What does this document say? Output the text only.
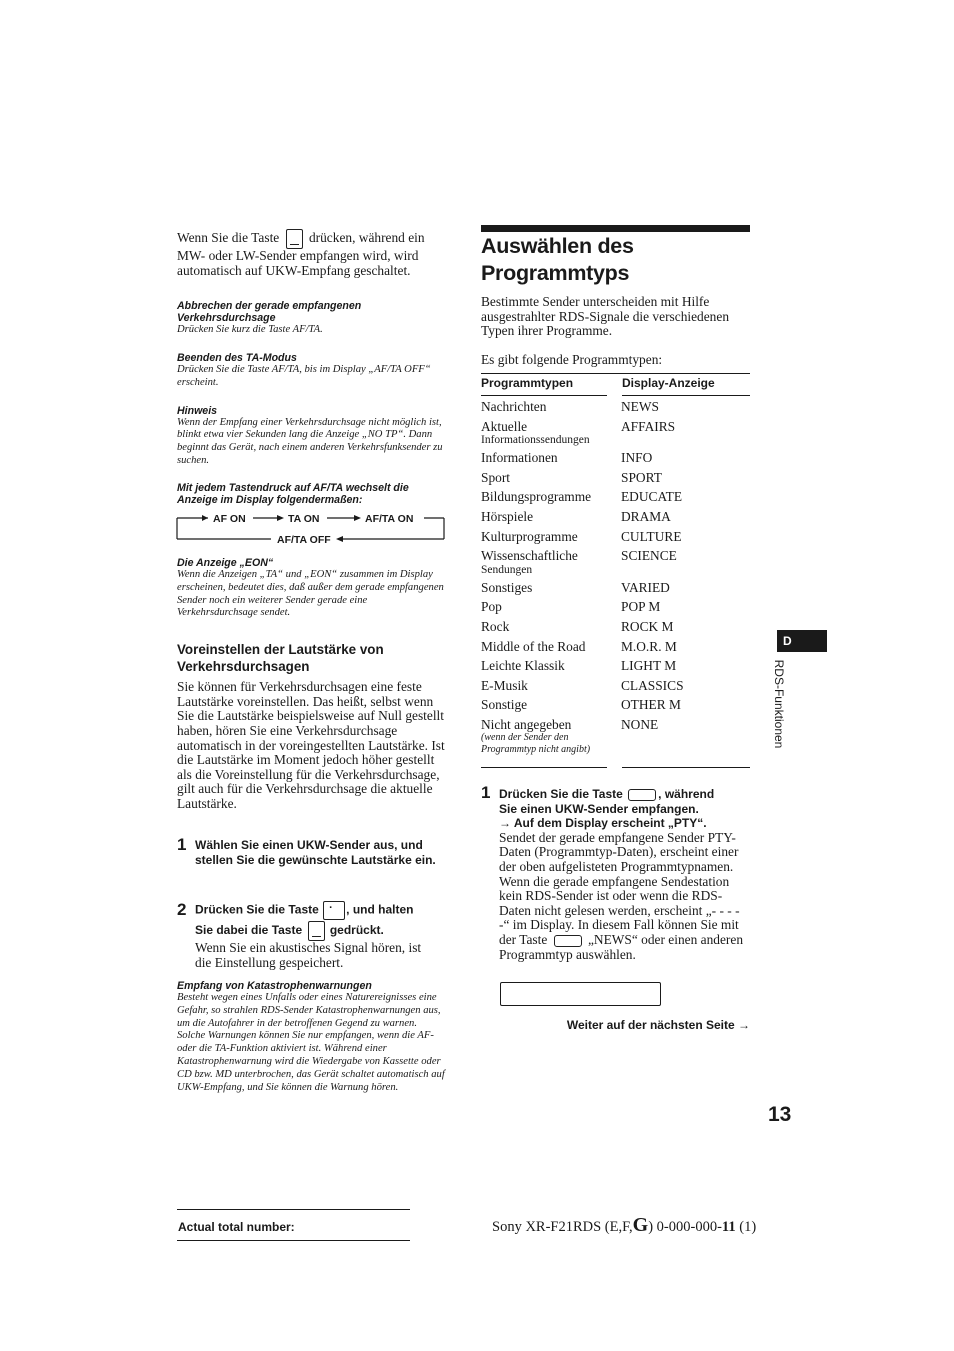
Wenn Sie die Taste drücken, während ein MW- oder LW-Sender empfangen wird, wird automatisch auf UKW-Empfang geschaltet.

Abbrechen der gerade empfangenen Verkehrsdurchsage

Drücken Sie kurz die Taste AF/TA.

Beenden des TA-Modus

Drücken Sie die Taste AF/TA, bis im Display „AF/TA OFF“ erscheint.

Hinweis

Wenn der Empfang einer Verkehrsdurchsage nicht möglich ist, blinkt etwa vier Sekunden lang die Anzeige „NO TP“. Dann beginnt das Gerät, nach einem anderen Verkehrsfunksender zu suchen.

Mit jedem Tastendruck auf AF/TA wechselt die Anzeige im Display folgendermaßen:

AF ON	TA ON	AF/TA ON
AF/TA OFF

Die Anzeige „EON“

Wenn die Anzeigen „TA“ und „EON“ zusammen im Display erscheinen, bedeutet dies, daß außer dem gerade empfangenen Sender noch ein weiterer Sender gerade eine Verkehrsdurchsage sendet.

Voreinstellen der Lautstärke von Verkehrsdurchsagen

Sie können für Verkehrsdurchsagen eine feste Lautstärke voreinstellen. Das heißt, selbst wenn Sie die Lautstärke beispielsweise auf Null gestellt haben, hören Sie eine Verkehrsdurchsage automatisch in der voreingestellten Lautstärke. Ist die Lautstärke im Moment jedoch höher gestellt als die Voreinstellung für die Verkehrsdurchsage, gilt auch für die Verkehrsdurchsage die aktuelle Lautstärke.

1 Wählen Sie einen UKW-Sender aus, und stellen Sie die gewünschte Lautstärke ein.

2 Drücken Sie die Taste · , und halten

Sie dabei die Taste gedrückt.

Wenn Sie ein akustisches Signal hören, ist die Einstellung gespeichert.

Empfang von Katastrophenwarnungen

Besteht wegen eines Unfalls oder eines Naturereignisses eine Gefahr, so strahlen RDS-Sender Katastrophenwarnungen aus, um die Autofahrer in der betroffenen Gegend zu warnen. Solche Warnungen können Sie nur empfangen, wenn die AF- oder die TA-Funktion aktiviert ist. Während einer Katastrophenwarnung wird die Wiedergabe von Kassette oder CD bzw. MD unterbrochen, das Gerät schaltet automatisch auf UKW-Empfang, und Sie können die Warnung hören.

Auswählen des
Programmtyps

Bestimmte Sender unterscheiden mit Hilfe ausgestrahlter RDS-Signale die verschiedenen Typen ihrer Programme.

Es gibt folgende Programmtypen:

Programmtypen	Display-Anzeige
Nachrichten	NEWS

Aktuelle
Informationssendungen	AFFAIRS

Informationen	INFO

Sport	SPORT

Bildungsprogramme	EDUCATE

Hörspiele	DRAMA

Kulturprogramme	CULTURE

Wissenschaftliche
Sendungen	SCIENCE

Sonstiges	VARIED

Pop	POP M

Rock	ROCK M

Middle of the Road	M.O.R. M

Leichte Klassik	LIGHT M

E-Musik	CLASSICS

Sonstige	OTHER M

Nicht angegeben
(wenn der Sender den Programmtyp nicht angibt)	NONE
1 Drücken Sie die Taste	, während

Sie einen UKW-Sender empfangen.

→ Auf dem Display erscheint „PTY“.

Sendet der gerade empfangene Sender PTY-Daten (Programmtyp-Daten), erscheint einer der oben aufgelisteten Programmtypnamen.

Wenn die gerade empfangene Sendestation kein RDS-Sender ist oder wenn die RDS-Daten nicht gelesen werden, erscheint „- - - - -“ im Display. In diesem Fall können Sie mit der Taste	„NEWS“ oder einen anderen Programmtyp auswählen.

Weiter auf der nächsten Seite →
D
RDS-Funktionen
13
Actual total number:	Sony XR-F21RDS (E,F,G) 0-000-000-11 (1)
